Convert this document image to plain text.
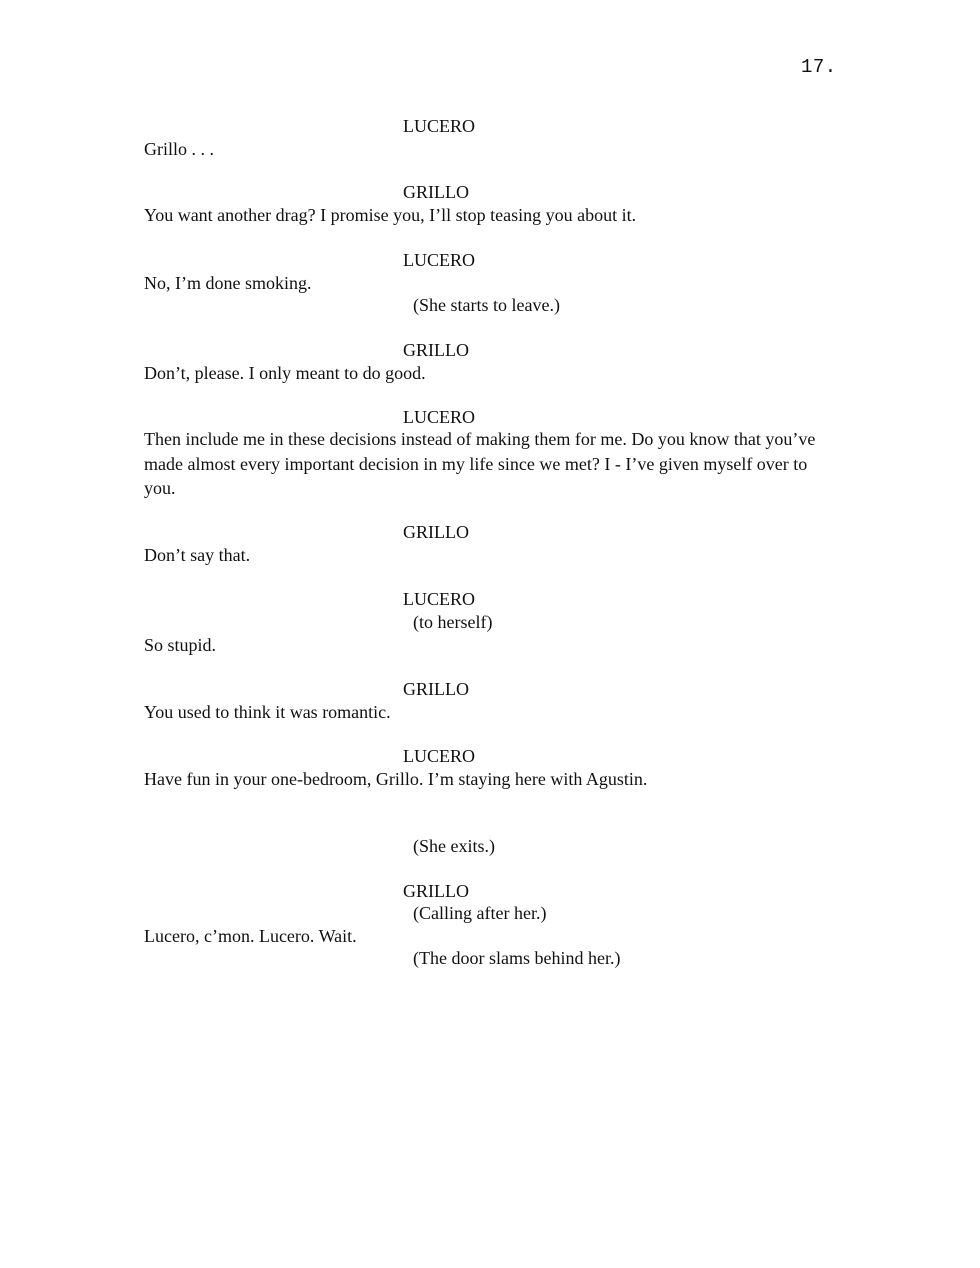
17.
LUCERO
Grillo . . .
GRILLO
You want another drag? I promise you, I’ll stop teasing you about it.
LUCERO
No, I’m done smoking.
(She starts to leave.)
GRILLO
Don’t, please. I only meant to do good.
LUCERO
Then include me in these decisions instead of making them for me. Do you know that you’ve made almost every important decision in my life since we met? I - I’ve given myself over to you.
GRILLO
Don’t say that.
LUCERO
(to herself)
So stupid.
GRILLO
You used to think it was romantic.
LUCERO
Have fun in your one-bedroom, Grillo. I’m staying here with Agustin.
(She exits.)
GRILLO
(Calling after her.)
Lucero, c’mon. Lucero. Wait.
(The door slams behind her.)
